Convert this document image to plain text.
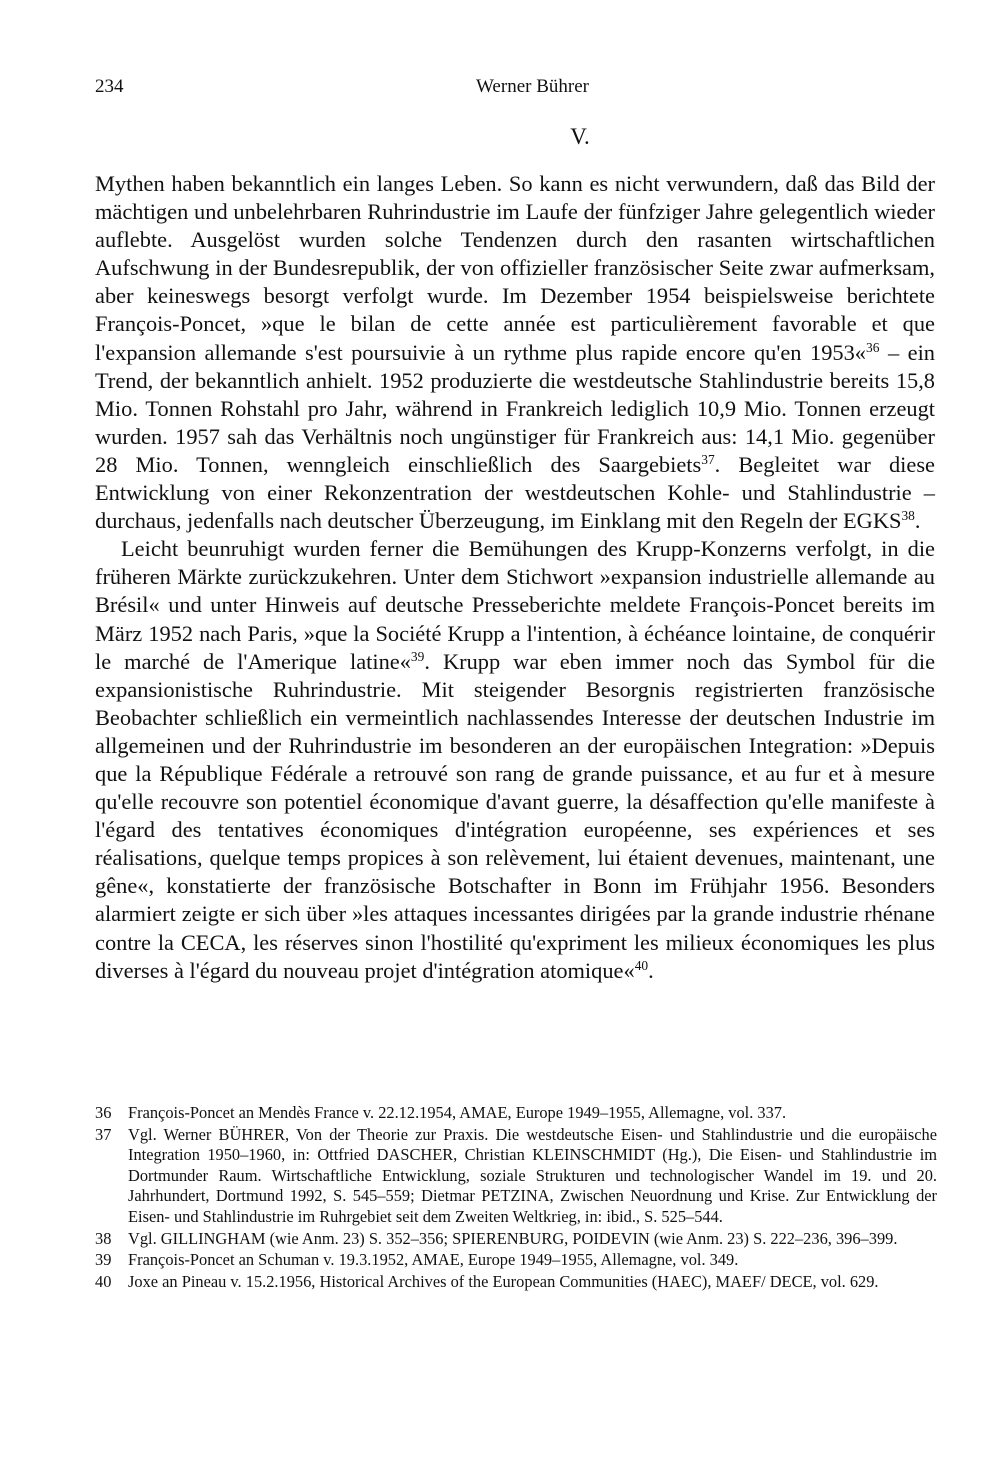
234	Werner Bührer
V.

Mythen haben bekanntlich ein langes Leben. So kann es nicht verwundern, daß das Bild der mächtigen und unbelehrbaren Ruhrindustrie im Laufe der fünfziger Jahre gelegentlich wieder auflebte. Ausgelöst wurden solche Tendenzen durch den rasanten wirtschaftlichen Aufschwung in der Bundesrepublik, der von offizieller französischer Seite zwar aufmerksam, aber keineswegs besorgt verfolgt wurde. Im Dezember 1954 beispielsweise berichtete François-Poncet, »que le bilan de cette année est particulièrement favorable et que l'expansion allemande s'est poursuivie à un rythme plus rapide encore qu'en 1953«$^{36}$ – ein Trend, der bekanntlich anhielt. 1952 produzierte die westdeutsche Stahlindustrie bereits 15,8 Mio. Tonnen Rohstahl pro Jahr, während in Frankreich lediglich 10,9 Mio. Tonnen erzeugt wurden. 1957 sah das Verhältnis noch ungünstiger für Frankreich aus: 14,1 Mio. gegenüber 28 Mio. Tonnen, wenngleich einschließlich des Saargebiets$^{37}$. Begleitet war diese Entwicklung von einer Rekonzentration der westdeutschen Kohle- und Stahlindustrie – durchaus, jedenfalls nach deutscher Überzeugung, im Einklang mit den Regeln der EGKS$^{38}$.

Leicht beunruhigt wurden ferner die Bemühungen des Krupp-Konzerns verfolgt, in die früheren Märkte zurückzukehren. Unter dem Stichwort »expansion industrielle allemande au Brésil« und unter Hinweis auf deutsche Presseberichte meldete François-Poncet bereits im März 1952 nach Paris, »que la Société Krupp a l'intention, à échéance lointaine, de conquérir le marché de l'Amerique latine«$^{39}$. Krupp war eben immer noch das Symbol für die expansionistische Ruhrindustrie. Mit steigender Besorgnis registrierten französische Beobachter schließlich ein vermeintlich nachlassendes Interesse der deutschen Industrie im allgemeinen und der Ruhrindustrie im besonderen an der europäischen Integration: »Depuis que la République Fédérale a retrouvé son rang de grande puissance, et au fur et à mesure qu'elle recouvre son potentiel économique d'avant guerre, la désaffection qu'elle manifeste à l'égard des tentatives économiques d'intégration européenne, ses expériences et ses réalisations, quelque temps propices à son relèvement, lui étaient devenues, maintenant, une gêne«, konstatierte der französische Botschafter in Bonn im Frühjahr 1956. Besonders alarmiert zeigte er sich über »les attaques incessantes dirigées par la grande industrie rhénane contre la CECA, les réserves sinon l'hostilité qu'expriment les milieux économiques les plus diverses à l'égard du nouveau projet d'intégration atomique«$^{40}$.

36 François-Poncet an Mendès France v. 22.12.1954, AMAE, Europe 1949–1955, Allemagne, vol. 337.
37 Vgl. Werner BÜHRER, Von der Theorie zur Praxis. Die westdeutsche Eisen- und Stahlindustrie und die europäische Integration 1950–1960, in: Ottfried DASCHER, Christian KLEINSCHMIDT (Hg.), Die Eisen- und Stahlindustrie im Dortmunder Raum. Wirtschaftliche Entwicklung, soziale Strukturen und technologischer Wandel im 19. und 20. Jahrhundert, Dortmund 1992, S. 545–559; Dietmar PETZINA, Zwischen Neuordnung und Krise. Zur Entwicklung der Eisen- und Stahlindustrie im Ruhrgebiet seit dem Zweiten Weltkrieg, in: ibid., S. 525–544.
38 Vgl. GILLINGHAM (wie Anm. 23) S. 352–356; SPIERENBURG, POIDEVIN (wie Anm. 23) S. 222–236, 396–399.
39 François-Poncet an Schuman v. 19.3.1952, AMAE, Europe 1949–1955, Allemagne, vol. 349.
40 Joxe an Pineau v. 15.2.1956, Historical Archives of the European Communities (HAEC), MAEF/ DECE, vol. 629.
